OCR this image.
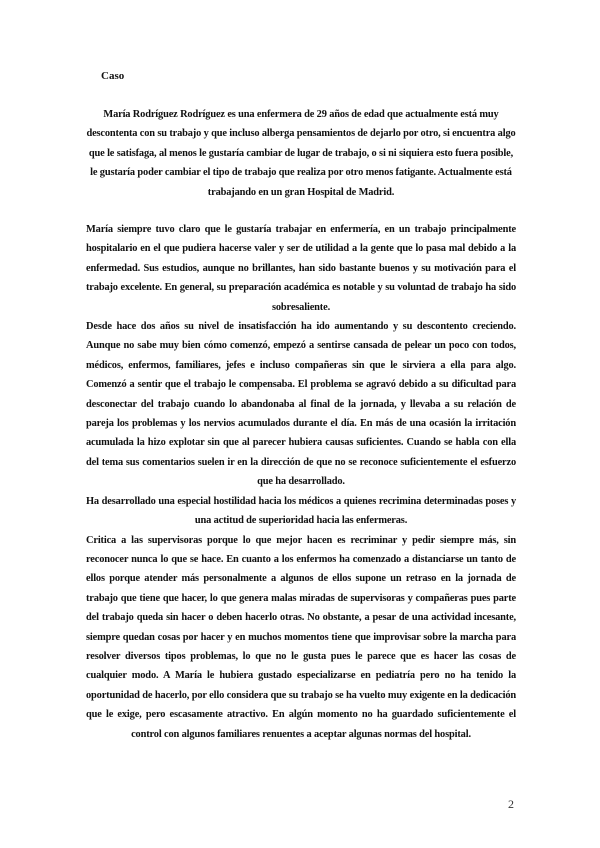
Caso

María Rodríguez Rodríguez es una enfermera de 29 años de edad que actualmente está muy descontenta con su trabajo y que incluso alberga pensamientos de dejarlo por otro, si encuentra algo que le satisfaga, al menos le gustaría cambiar de lugar de trabajo, o si ni siquiera esto fuera posible, le gustaría poder cambiar el tipo de trabajo que realiza por otro menos fatigante. Actualmente está trabajando en un gran Hospital de Madrid.

María siempre tuvo claro que le gustaría trabajar en enfermería, en un trabajo principalmente hospitalario en el que pudiera hacerse valer y ser de utilidad a la gente que lo pasa mal debido a la enfermedad. Sus estudios, aunque no brillantes, han sido bastante buenos y su motivación para el trabajo excelente. En general, su preparación académica es notable y su voluntad de trabajo ha sido sobresaliente.
Desde hace dos años su nivel de insatisfacción ha ido aumentando y su descontento creciendo. Aunque no sabe muy bien cómo comenzó, empezó a sentirse cansada de pelear un poco con todos, médicos, enfermos, familiares, jefes e incluso compañeras sin que le sirviera a ella para algo. Comenzó a sentir que el trabajo le compensaba. El problema se agravó debido a su dificultad para desconectar del trabajo cuando lo abandonaba al final de la jornada, y llevaba a su relación de pareja los problemas y los nervios acumulados durante el día. En más de una ocasión la irritación acumulada la hizo explotar sin que al parecer hubiera causas suficientes. Cuando se habla con ella del tema sus comentarios suelen ir en la dirección de que no se reconoce suficientemente el esfuerzo que ha desarrollado.
Ha desarrollado una especial hostilidad hacia los médicos a quienes recrimina determinadas poses y una actitud de superioridad hacia las enfermeras.
Critica a las supervisoras porque lo que mejor hacen es recriminar y pedir siempre más, sin reconocer nunca lo que se hace. En cuanto a los enfermos ha comenzado a distanciarse un tanto de ellos porque atender más personalmente a algunos de ellos supone un retraso en la jornada de trabajo que tiene que hacer, lo que genera malas miradas de supervisoras y compañeras pues parte del trabajo queda sin hacer o deben hacerlo otras. No obstante, a pesar de una actividad incesante, siempre quedan cosas por hacer y en muchos momentos tiene que improvisar sobre la marcha para resolver diversos tipos problemas, lo que no le gusta pues le parece que es hacer las cosas de cualquier modo. A María le hubiera gustado especializarse en pediatría pero no ha tenido la oportunidad de hacerlo, por ello considera que su trabajo se ha vuelto muy exigente en la dedicación que le exige, pero escasamente atractivo. En algún momento no ha guardado suficientemente el control con algunos familiares renuentes a aceptar algunas normas del hospital.
2
